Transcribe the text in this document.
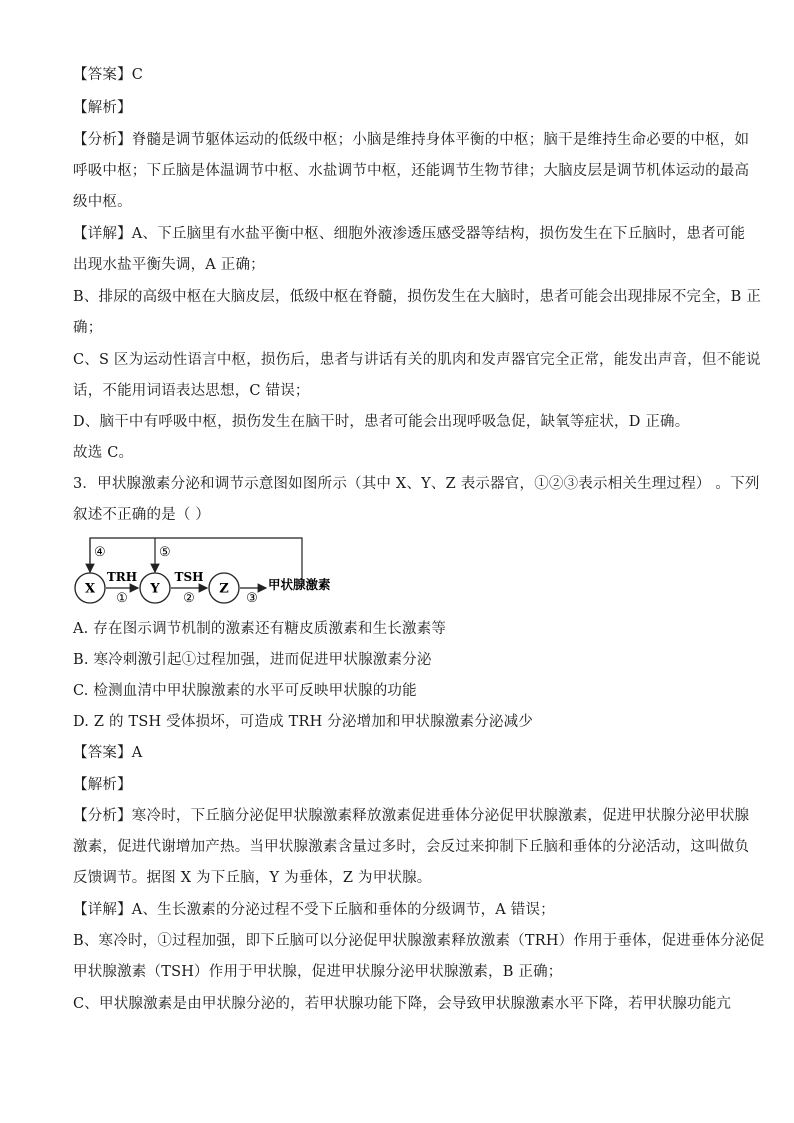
【答案】C
【解析】
【分析】脊髓是调节躯体运动的低级中枢；小脑是维持身体平衡的中枢；脑干是维持生命必要的中枢，如
呼吸中枢；下丘脑是体温调节中枢、水盐调节中枢，还能调节生物节律；大脑皮层是调节机体运动的最高
级中枢。
【详解】A、下丘脑里有水盐平衡中枢、细胞外液渗透压感受器等结构，损伤发生在下丘脑时，患者可能
出现水盐平衡失调，A 正确；
B、排尿的高级中枢在大脑皮层，低级中枢在脊髓，损伤发生在大脑时，患者可能会出现排尿不完全，B 正
确；
C、S 区为运动性语言中枢，损伤后，患者与讲话有关的肌肉和发声器官完全正常，能发出声音，但不能说
话，不能用词语表达思想，C 错误；
D、脑干中有呼吸中枢，损伤发生在脑干时，患者可能会出现呼吸急促，缺氧等症状，D 正确。
故选 C。
3．甲状腺激素分泌和调节示意图如图所示（其中 X、Y、Z 表示器官，①②③表示相关生理过程） 。下列
叙述不正确的是（ ）
④	⑤
X	Y	Z
TRH
①
TSH
②	③
甲状腺激素
A. 存在图示调节机制的激素还有糖皮质激素和生长激素等
B. 寒冷刺激引起①过程加强，进而促进甲状腺激素分泌
C. 检测血清中甲状腺激素的水平可反映甲状腺的功能
D. Z 的 TSH 受体损坏，可造成 TRH 分泌增加和甲状腺激素分泌减少
【答案】A
【解析】
【分析】寒冷时，下丘脑分泌促甲状腺激素释放激素促进垂体分泌促甲状腺激素，促进甲状腺分泌甲状腺
激素，促进代谢增加产热。当甲状腺激素含量过多时，会反过来抑制下丘脑和垂体的分泌活动，这叫做负
反馈调节。据图 X 为下丘脑，Y 为垂体，Z 为甲状腺。
【详解】A、生长激素的分泌过程不受下丘脑和垂体的分级调节，A 错误；
B、寒冷时，①过程加强，即下丘脑可以分泌促甲状腺激素释放激素（TRH）作用于垂体，促进垂体分泌促
甲状腺激素（TSH）作用于甲状腺，促进甲状腺分泌甲状腺激素，B 正确；
C、甲状腺激素是由甲状腺分泌的，若甲状腺功能下降，会导致甲状腺激素水平下降，若甲状腺功能亢
